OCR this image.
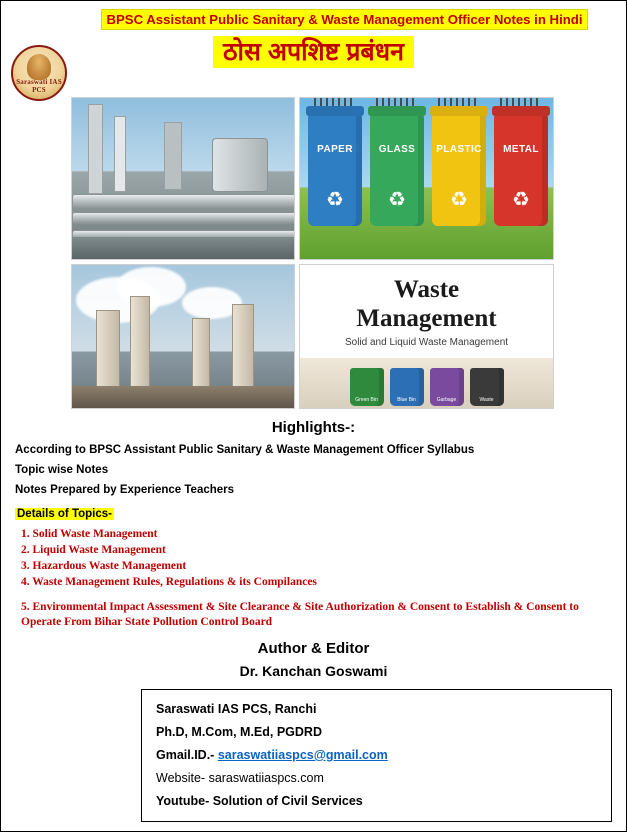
Saraswati IAS PCS
BPSC Assistant Public Sanitary & Waste Management Officer Notes in Hindi
ठोस अपशिष्ट प्रबंधन
PAPER
♻
GLASS
♻
PLASTIC
♻
METAL
♻
Waste
Management
Solid and Liquid Waste Management
Green Bin	Blue Bin	Garbage	Waste
Highlights-:
According to BPSC Assistant Public Sanitary & Waste Management Officer Syllabus
Topic wise Notes
Notes Prepared by Experience Teachers
Details of Topics-
1. Solid Waste Management
2. Liquid Waste Management
3. Hazardous Waste Management
4. Waste Management Rules, Regulations & its Compilances
5. Environmental Impact Assessment & Site Clearance & Site Authorization & Consent to Establish & Consent to Operate From Bihar State Pollution Control Board
Author & Editor
Dr. Kanchan Goswami
Saraswati IAS PCS, Ranchi
Ph.D, M.Com, M.Ed, PGDRD
Gmail.ID.- saraswatiiaspcs@gmail.com
Website- saraswatiiaspcs.com
Youtube- Solution of Civil Services
